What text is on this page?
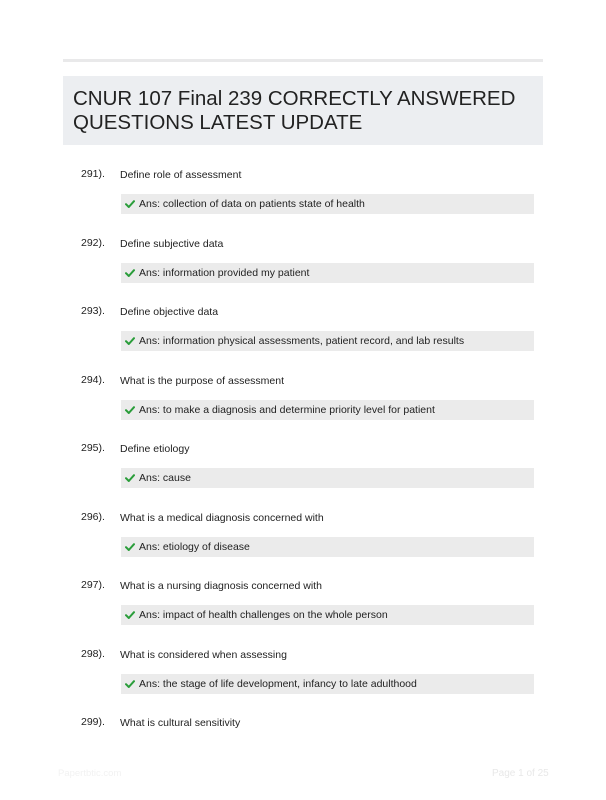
CNUR 107 Final 239 CORRECTLY ANSWERED QUESTIONS LATEST UPDATE
291). Define role of assessment
Ans: collection of data on patients state of health
292). Define subjective data
Ans: information provided my patient
293). Define objective data
Ans: information physical assessments, patient record, and lab results
294). What is the purpose of assessment
Ans: to make a diagnosis and determine priority level for patient
295). Define etiology
Ans: cause
296). What is a medical diagnosis concerned with
Ans: etiology of disease
297). What is a nursing diagnosis concerned with
Ans: impact of health challenges on the whole person
298). What is considered when assessing
Ans: the stage of life development, infancy to late adulthood
299). What is cultural sensitivity
Papertbtic.com	Page 1 of 25
